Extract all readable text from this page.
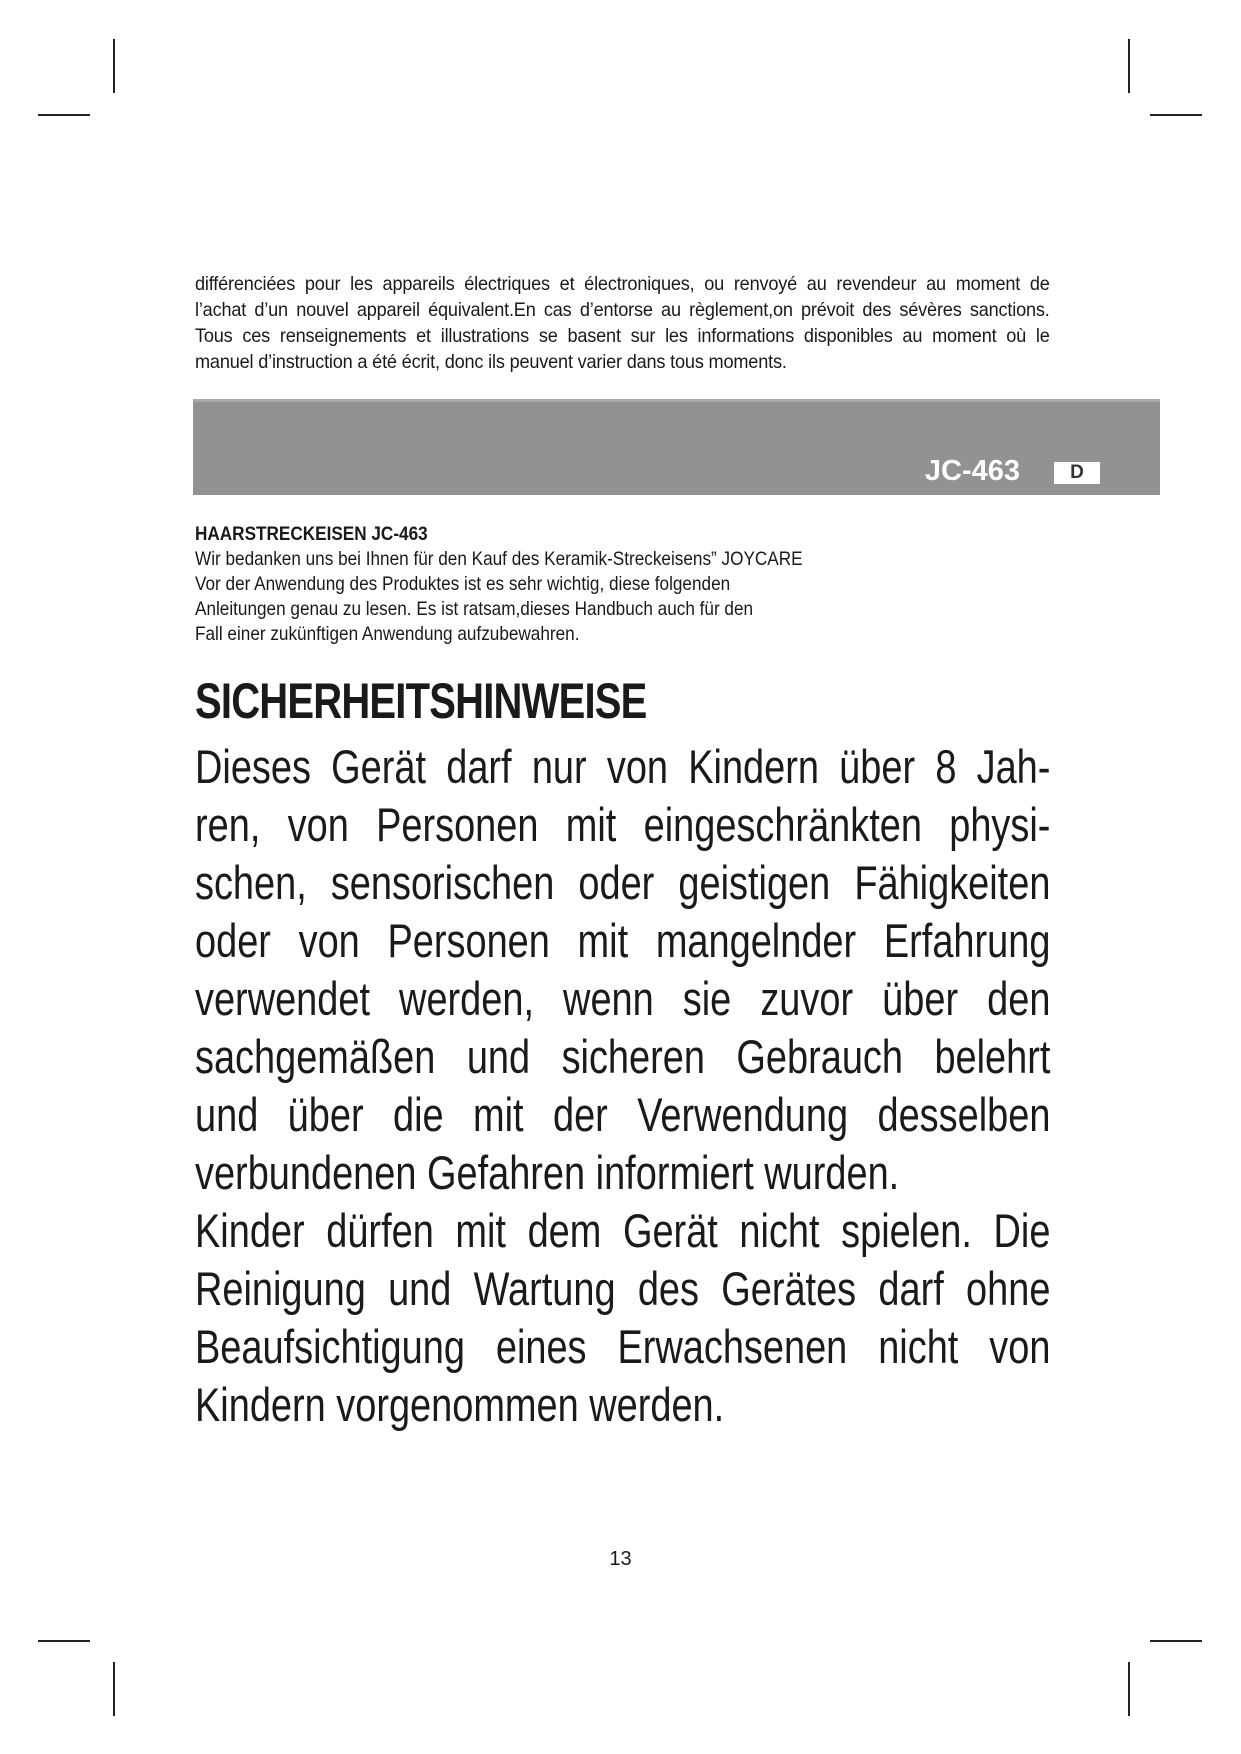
différenciées pour les appareils électriques et électroniques, ou renvoyé au revendeur au moment de

l’achat d’un nouvel appareil équivalent.En cas d’entorse au règlement,on prévoit des sévères sanctions.

Tous ces renseignements et illustrations se basent sur les informations disponibles au moment où le

manuel d’instruction a été écrit, donc ils peuvent varier dans tous moments.

JC-463	D
HAARSTRECKEISEN JC-463
Wir bedanken uns bei Ihnen für den Kauf des Keramik-Streckeisens” JOYCARE
Vor der Anwendung des Produktes ist es sehr wichtig, diese folgenden
Anleitungen genau zu lesen. Es ist ratsam,dieses Handbuch auch für den
Fall einer zukünftigen Anwendung aufzubewahren.
SICHERHEITSHINWEISE
Dieses Gerät darf nur von Kindern über 8 Jah-
ren, von Personen mit eingeschränkten physi-
schen, sensorischen oder geistigen Fähigkeiten
oder von Personen mit mangelnder Erfahrung
verwendet werden, wenn sie zuvor über den
sachgemäßen und sicheren Gebrauch belehrt
und über die mit der Verwendung desselben
verbundenen Gefahren informiert wurden.
Kinder dürfen mit dem Gerät nicht spielen. Die
Reinigung und Wartung des Gerätes darf ohne
Beaufsichtigung eines Erwachsenen nicht von
Kindern vorgenommen werden.
13
